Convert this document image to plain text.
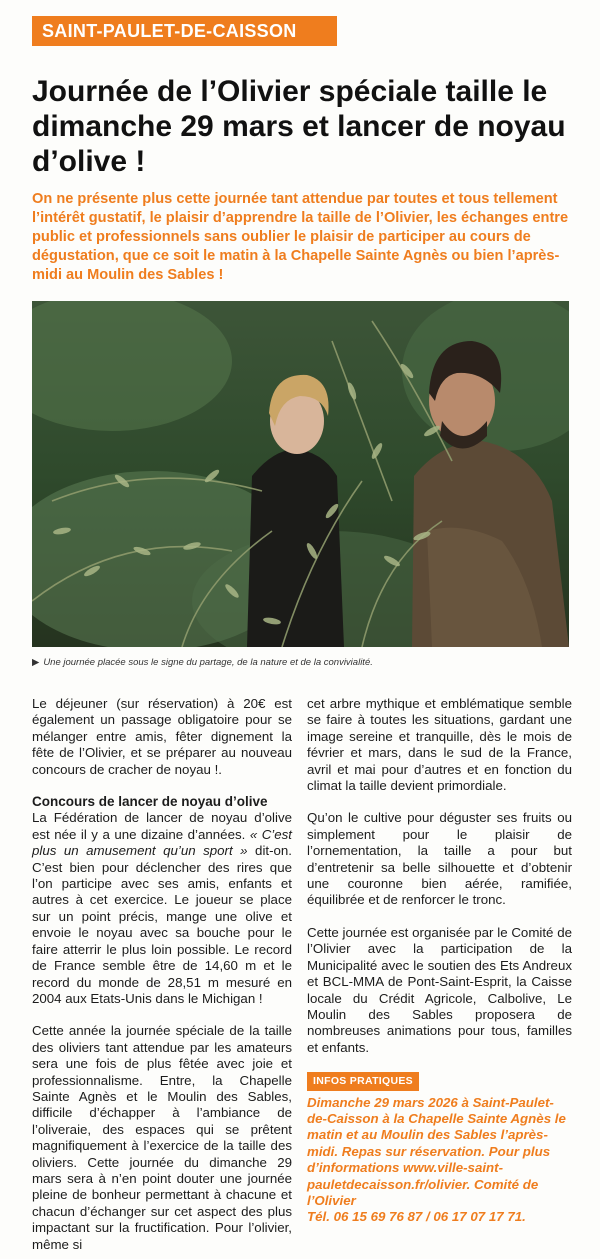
SAINT-PAULET-DE-CAISSON
Journée de l’Olivier spéciale taille le dimanche 29 mars et lancer de noyau d’olive !

On ne présente plus cette journée tant attendue par toutes et tous tellement l’intérêt gustatif, le plaisir d’apprendre la taille de l’Olivier, les échanges entre public et professionnels sans oublier le plaisir de participer au cours de dégustation, que ce soit le matin à la Chapelle Sainte Agnès ou bien l’après-midi au Moulin des Sables !

▶ Une journée placée sous le signe du partage, de la nature et de la convivialité.

Le déjeuner (sur réservation) à 20€ est également un passage obligatoire pour se mélanger entre amis, fêter dignement la fête de l’Olivier, et se préparer au nouveau concours de cracher de noyau !.

Concours de lancer de noyau d’olive

La Fédération de lancer de noyau d’olive est née il y a une dizaine d’années. « C’est plus un amusement qu’un sport » dit-on. C’est bien pour déclencher des rires que l’on participe avec ses amis, enfants et autres à cet exercice. Le joueur se place sur un point précis, mange une olive et envoie le noyau avec sa bouche pour le faire atterrir le plus loin possible. Le record de France semble être de 14,60 m et le record du monde de 28,51 m mesuré en 2004 aux Etats-Unis dans le Michigan !

Cette année la journée spéciale de la taille des oliviers tant attendue par les amateurs sera une fois de plus fêtée avec joie et professionnalisme. Entre, la Chapelle Sainte Agnès et le Moulin des Sables, difficile d’échapper à l’ambiance de l’oliveraie, des espaces qui se prêtent magnifiquement à l’exercice de la taille des oliviers. Cette journée du dimanche 29 mars sera à n’en point douter une journée pleine de bonheur permettant à chacune et chacun d’échanger sur cet aspect des plus impactant sur la fructification. Pour l’olivier, même si

cet arbre mythique et emblématique semble se faire à toutes les situations, gardant une image sereine et tranquille, dès le mois de février et mars, dans le sud de la France, avril et mai pour d’autres et en fonction du climat la taille devient primordiale.

Qu’on le cultive pour déguster ses fruits ou simplement pour le plaisir de l’ornementation, la taille a pour but d’entretenir sa belle silhouette et d’obtenir une couronne bien aérée, ramifiée, équilibrée et de renforcer le tronc.

Cette journée est organisée par le Comité de l’Olivier avec la participation de la Municipalité avec le soutien des Ets Andreux et BCL-MMA de Pont-Saint-Esprit, la Caisse locale du Crédit Agricole, Calbolive, Le Moulin des Sables proposera de nombreuses animations pour tous, familles et enfants.

INFOS PRATIQUES

Dimanche 29 mars 2026 à Saint-Paulet-de-Caisson à la Chapelle Sainte Agnès le matin et au Moulin des Sables l’après-midi. Repas sur réservation. Pour plus d’informations www.ville-saint-pauletdecaisson.fr/olivier. Comité de l’Olivier

Tél. 06 15 69 76 87 / 06 17 07 17 71.
